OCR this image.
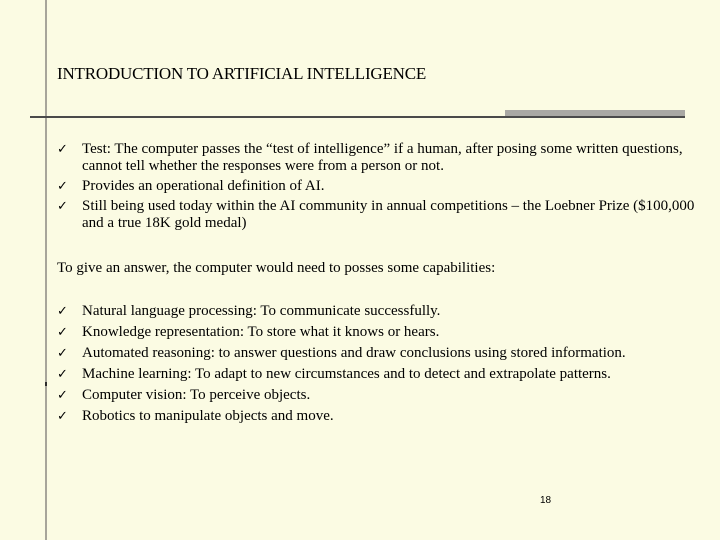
INTRODUCTION TO ARTIFICIAL INTELLIGENCE
✓ Test: The computer passes the “test of intelligence” if a human, after posing some written questions, cannot tell whether the responses were from a person or not.
✓ Provides an operational definition of AI.
✓ Still being used today within the AI community in annual competitions – the Loebner Prize ($100,000 and a true 18K gold medal)
To give an answer, the computer would need to posses some capabilities:
✓ Natural language processing: To communicate successfully.
✓ Knowledge representation: To store what it knows or hears.
✓ Automated reasoning: to answer questions and draw conclusions using stored information.
✓ Machine learning: To adapt to new circumstances and to detect and extrapolate patterns.
✓ Computer vision: To perceive objects.
✓ Robotics to manipulate objects and move.
18
